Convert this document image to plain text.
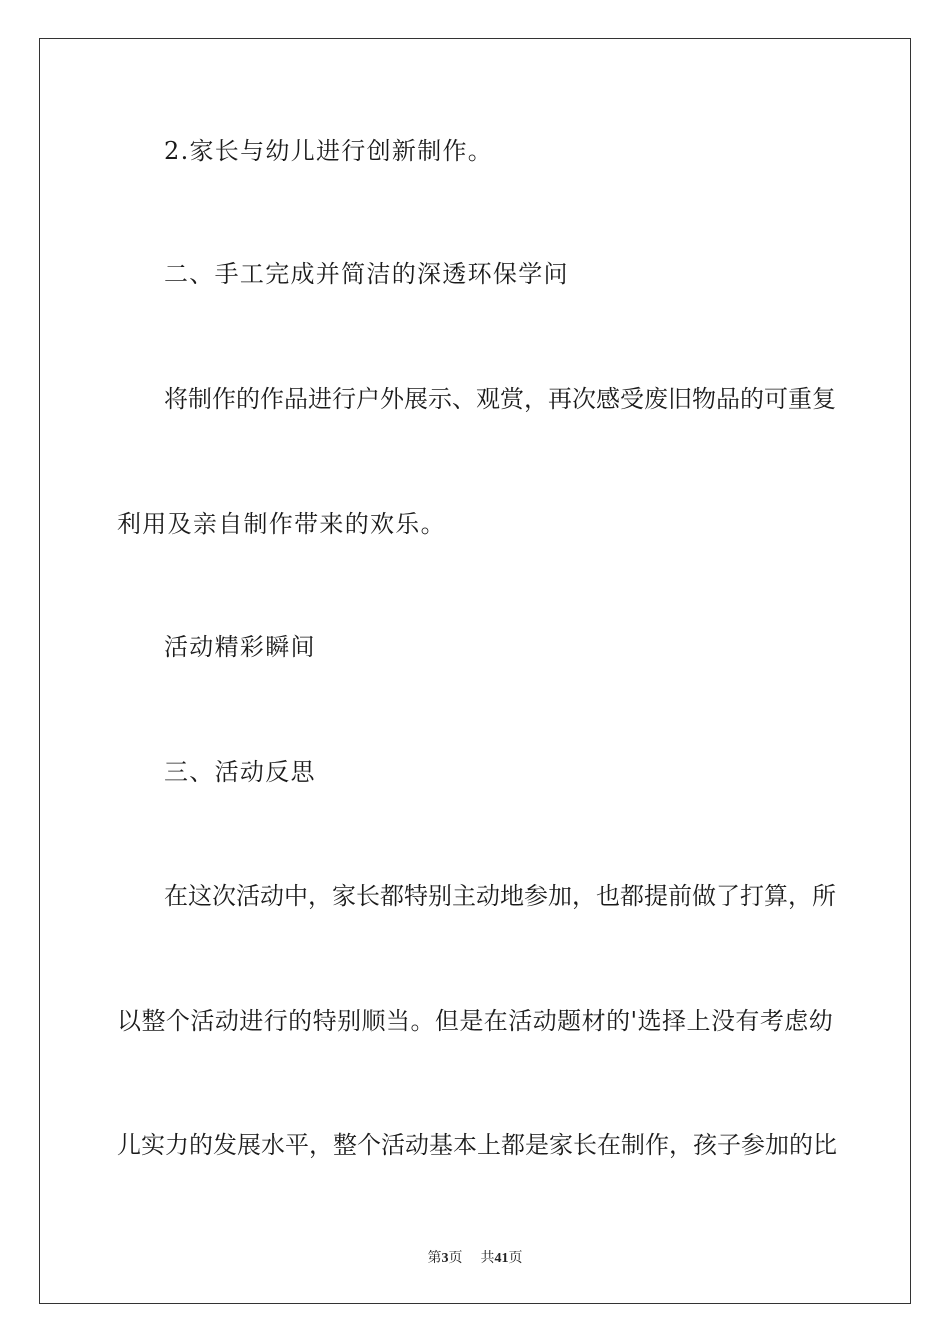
2.家长与幼儿进行创新制作。
二、手工完成并简洁的深透环保学问
将 制 作 的 作 品 进 行 户 外 展 示 、 观 赏 ， 再 次 感 受 废 旧 物 品 的 可 重 复
利用及亲自制作带来的欢乐。
活动精彩瞬间
三、活动反思
在 这 次 活 动 中 ， 家 长 都 特 别 主 动 地 参 加 ， 也 都 提 前 做 了 打 算 ， 所
以 整 个 活 动 进 行 的 特 别 顺 当 。 但 是 在 活 动 题 材 的 ' 选 择 上 没 有 考 虑 幼
儿 实 力 的 发 展 水 平 ， 整 个 活 动 基 本 上 都 是 家 长 在 制 作 ， 孩 子 参 加 的 比
第3页 共41页
